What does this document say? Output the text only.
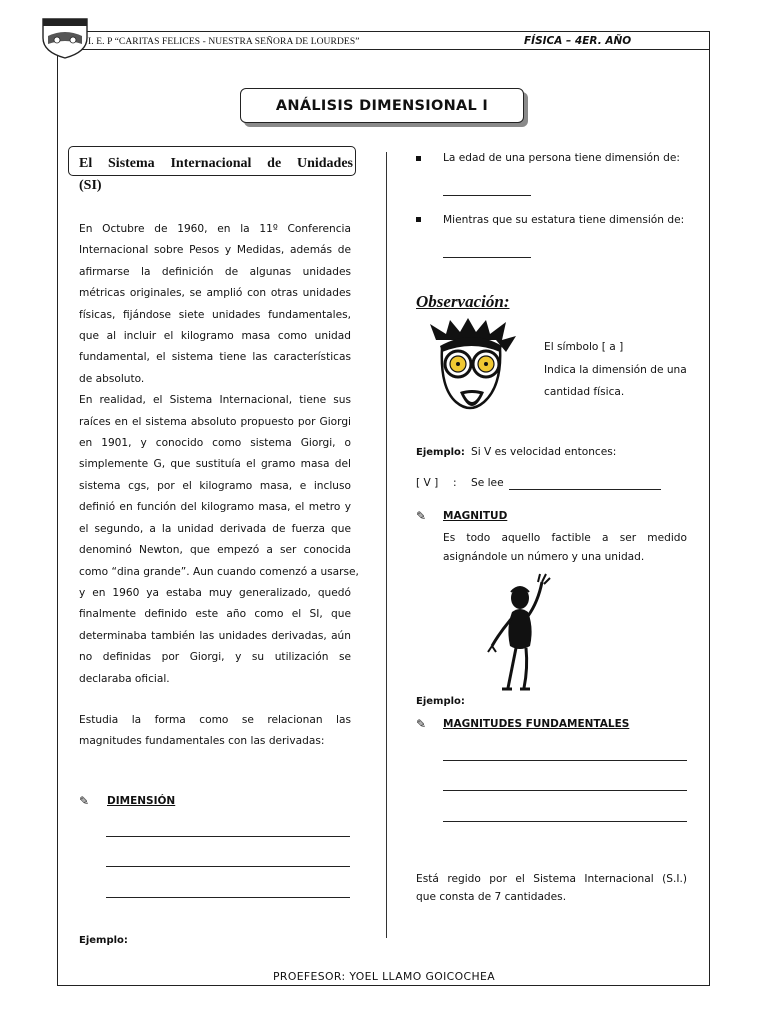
I. E. P “CARITAS FELICES - NUESTRA SEÑORA DE LOURDES”	FÍSICA – 4ER. AÑO
ANÁLISIS DIMENSIONAL I
El Sistema Internacional de Unidades
(SI)
En Octubre de 1960, en la 11º Conferencia
Internacional sobre Pesos y Medidas, además de
afirmarse la definición de algunas unidades
métricas originales, se amplió con otras unidades
físicas, fijándose siete unidades fundamentales,
que al incluir el kilogramo masa como unidad
fundamental, el sistema tiene las características
de absoluto.
En realidad, el Sistema Internacional, tiene sus
raíces en el sistema absoluto propuesto por Giorgi
en 1901, y conocido como sistema Giorgi, o
simplemente G, que sustituía el gramo masa del
sistema cgs, por el kilogramo masa, e incluso
definió en función del kilogramo masa, el metro y
el segundo, a la unidad derivada de fuerza que
denominó Newton, que empezó a ser conocida
como “dina grande”. Aun cuando comenzó a usarse,
y en 1960 ya estaba muy generalizado, quedó
finalmente definido este año como el SI, que
determinaba también las unidades derivadas, aún
no definidas por Giorgi, y su utilización se
declaraba oficial.
Estudia la forma como se relacionan las
magnitudes fundamentales con las derivadas:
✎ DIMENSIÓN
Ejemplo:
La edad de una persona tiene dimensión de:
Mientras que su estatura tiene dimensión de:
Observación:
El símbolo [ a ]
Indica la dimensión de una
cantidad física.
Ejemplo: Si V es velocidad entonces:
[ V ] : Se lee
✎ MAGNITUD
Es todo aquello factible a ser medido
asignándole un número y una unidad.
Ejemplo:
✎ MAGNITUDES FUNDAMENTALES
Está regido por el Sistema Internacional (S.I.)
que consta de 7 cantidades.
PROEFESOR: YOEL LLAMO GOICOCHEA
